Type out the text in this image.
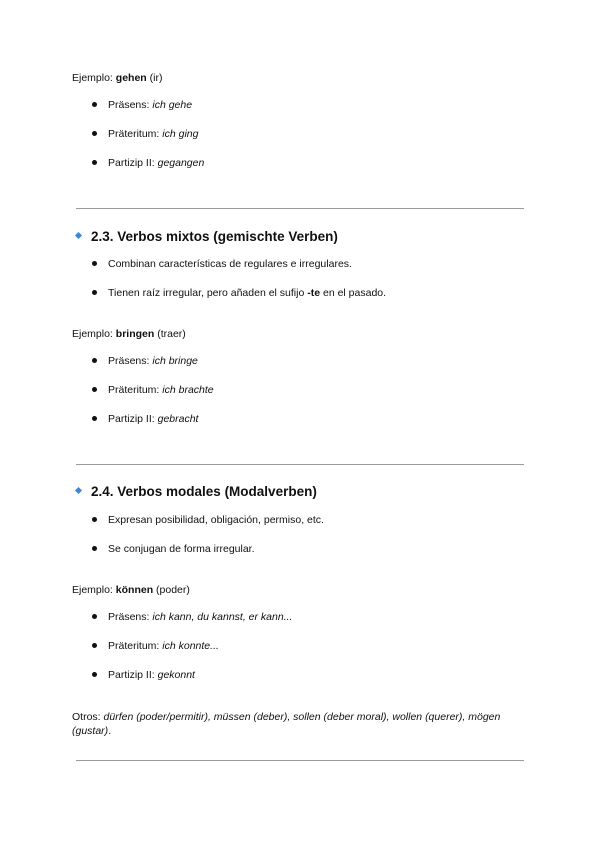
Ejemplo: gehen (ir)

Präsens: ich gehe
Präteritum: ich ging
Partizip II: gegangen
2.3. Verbos mixtos (gemischte Verben)
Combinan características de regulares e irregulares.
Tienen raíz irregular, pero añaden el sufijo -te en el pasado.

Ejemplo: bringen (traer)

Präsens: ich bringe
Präteritum: ich brachte
Partizip II: gebracht
2.4. Verbos modales (Modalverben)
Expresan posibilidad, obligación, permiso, etc.
Se conjugan de forma irregular.

Ejemplo: können (poder)

Präsens: ich kann, du kannst, er kann...
Präteritum: ich konnte...
Partizip II: gekonnt

Otros: dürfen (poder/permitir), müssen (deber), sollen (deber moral), wollen (querer), mögen (gustar).
